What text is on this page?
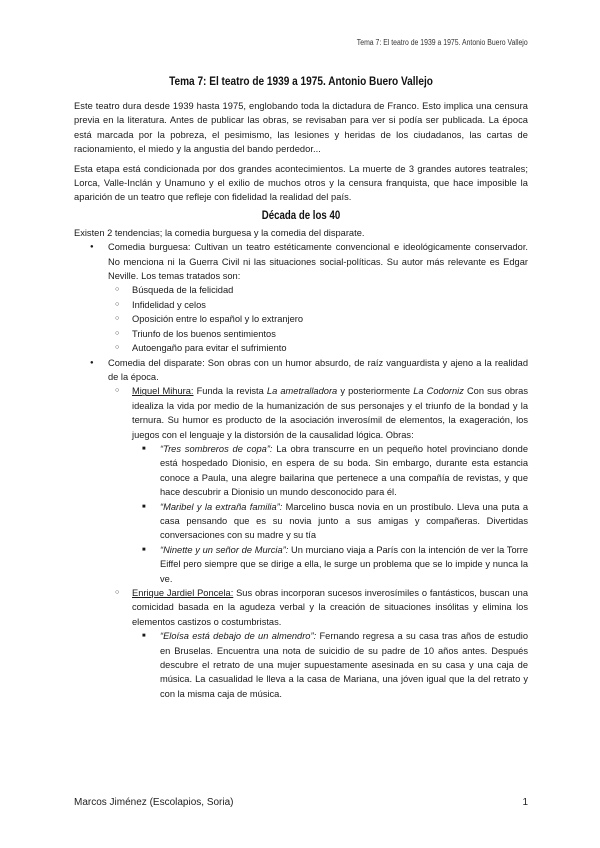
Tema 7: El teatro de 1939 a 1975. Antonio Buero Vallejo
Tema 7: El teatro de 1939 a 1975. Antonio Buero Vallejo

Este teatro dura desde 1939 hasta 1975, englobando toda la dictadura de Franco. Esto implica una censura previa en la literatura. Antes de publicar las obras, se revisaban para ver si podía ser publicada. La época está marcada por la pobreza, el pesimismo, las lesiones y heridas de los ciudadanos, las cartas de racionamiento, el miedo y la angustia del bando perdedor...

Esta etapa está condicionada por dos grandes acontecimientos. La muerte de 3 grandes autores teatrales; Lorca, Valle-Inclán y Unamuno y el exilio de muchos otros y la censura franquista, que hace imposible la aparición de un teatro que refleje con fidelidad la realidad del país.

Década de los 40

Existen 2 tendencias; la comedia burguesa y la comedia del disparate.

● Comedia burguesa: Cultivan un teatro estéticamente convencional e ideológicamente conservador. No menciona ni la Guerra Civil ni las situaciones social-políticas. Su autor más relevante es Edgar Neville. Los temas tratados son:
○ Búsqueda de la felicidad
○ Infidelidad y celos
○ Oposición entre lo español y lo extranjero
○ Triunfo de los buenos sentimientos
○ Autoengaño para evitar el sufrimiento
● Comedia del disparate: Son obras con un humor absurdo, de raíz vanguardista y ajeno a la realidad de la época.
○ Miguel Mihura: Funda la revista La ametralladora y posteriormente La Codorniz Con sus obras idealiza la vida por medio de la humanización de sus personajes y el triunfo de la bondad y la ternura. Su humor es producto de la asociación inverosímil de elementos, la exageración, los juegos con el lenguaje y la distorsión de la causalidad lógica. Obras:
■ “Tres sombreros de copa”: La obra transcurre en un pequeño hotel provinciano donde está hospedado Dionisio, en espera de su boda. Sin embargo, durante esta estancia conoce a Paula, una alegre bailarina que pertenece a una compañía de revistas, y que hace descubrir a Dionisio un mundo desconocido para él.
■ “Maribel y la extraña familia”: Marcelino busca novia en un prostíbulo. Lleva una puta a casa pensando que es su novia junto a sus amigas y compañeras. Divertidas conversaciones con su madre y su tía
■ “Ninette y un señor de Murcia”: Un murciano viaja a París con la intención de ver la Torre Eiffel pero siempre que se dirige a ella, le surge un problema que se lo impide y nunca la ve.
○ Enrique Jardiel Poncela: Sus obras incorporan sucesos inverosímiles o fantásticos, buscan una comicidad basada en la agudeza verbal y la creación de situaciones insólitas y elimina los elementos castizos o costumbristas.
■ “Eloísa está debajo de un almendro”: Fernando regresa a su casa tras años de estudio en Bruselas. Encuentra una nota de suicidio de su padre de 10 años antes. Después descubre el retrato de una mujer supuestamente asesinada en su casa y una caja de música. La casualidad le lleva a la casa de Mariana, una jóven igual que la del retrato y con la misma caja de música.
Marcos Jiménez (Escolapios, Soria)	1
